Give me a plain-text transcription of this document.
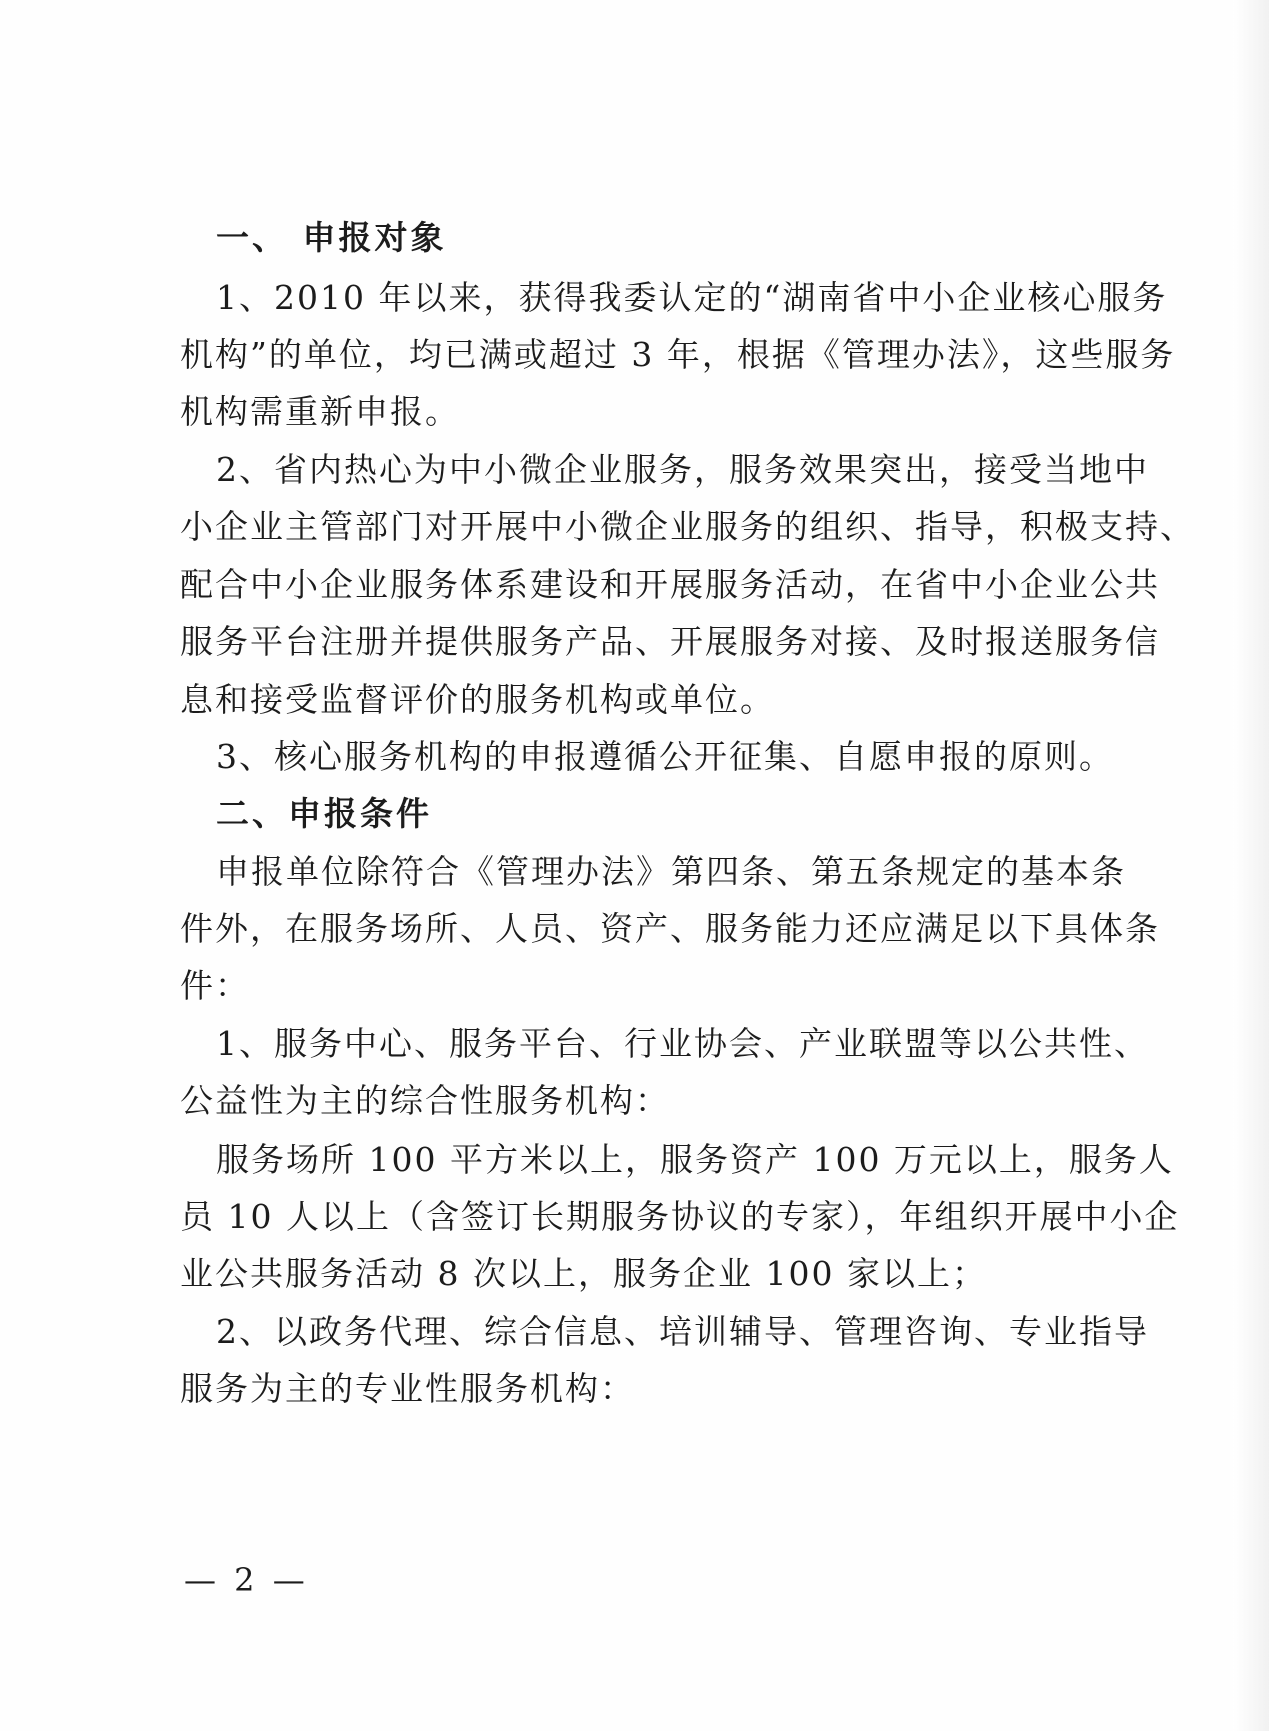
一、 申报对象
1、2010 年以来，获得我委认定的“湖南省中小企业核心服务
机构”的单位，均已满或超过 3 年，根据《管理办法》，这些服务
机构需重新申报。
2、省内热心为中小微企业服务，服务效果突出，接受当地中
小企业主管部门对开展中小微企业服务的组织、指导，积极支持、
配合中小企业服务体系建设和开展服务活动，在省中小企业公共
服务平台注册并提供服务产品、开展服务对接、及时报送服务信
息和接受监督评价的服务机构或单位。
3、核心服务机构的申报遵循公开征集、自愿申报的原则。
二、申报条件
申报单位除符合《管理办法》第四条、第五条规定的基本条
件外，在服务场所、人员、资产、服务能力还应满足以下具体条
件：
1、服务中心、服务平台、行业协会、产业联盟等以公共性、
公益性为主的综合性服务机构：
服务场所 100 平方米以上，服务资产 100 万元以上，服务人
员 10 人以上（含签订长期服务协议的专家），年组织开展中小企
业公共服务活动 8 次以上，服务企业 100 家以上；
2、以政务代理、综合信息、培训辅导、管理咨询、专业指导
服务为主的专业性服务机构：
— 2 —
